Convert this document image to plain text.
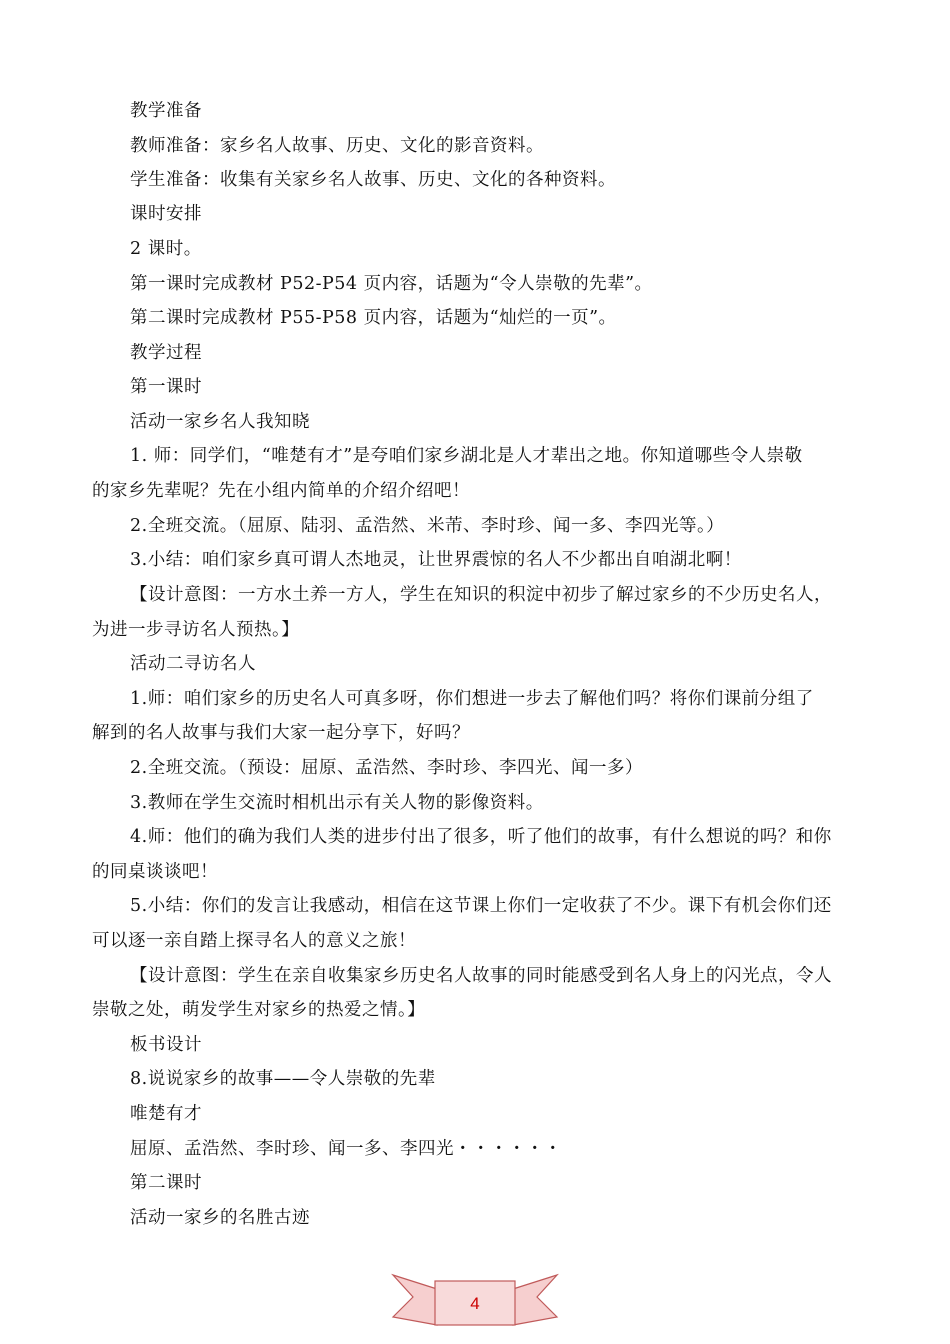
教学准备
教师准备：家乡名人故事、历史、文化的影音资料。
学生准备：收集有关家乡名人故事、历史、文化的各种资料。
课时安排
2 课时。
第一课时完成教材 P52-P54 页内容，话题为“令人崇敬的先辈”。
第二课时完成教材 P55-P58 页内容，话题为“灿烂的一页”。
教学过程
第一课时
活动一家乡名人我知晓
1. 师：同学们，“唯楚有才”是夸咱们家乡湖北是人才辈出之地。你知道哪些令人崇敬
的家乡先辈呢？先在小组内简单的介绍介绍吧！
2.全班交流。（屈原、陆羽、孟浩然、米芾、李时珍、闻一多、李四光等。）
3.小结：咱们家乡真可谓人杰地灵，让世界震惊的名人不少都出自咱湖北啊！
【设计意图：一方水土养一方人，学生在知识的积淀中初步了解过家乡的不少历史名人，
为进一步寻访名人预热。】
活动二寻访名人
1.师：咱们家乡的历史名人可真多呀，你们想进一步去了解他们吗？将你们课前分组了
解到的名人故事与我们大家一起分享下，好吗？
2.全班交流。（预设：屈原、孟浩然、李时珍、李四光、闻一多）
3.教师在学生交流时相机出示有关人物的影像资料。
4.师：他们的确为我们人类的进步付出了很多，听了他们的故事，有什么想说的吗？和你
的同桌谈谈吧！
5.小结：你们的发言让我感动，相信在这节课上你们一定收获了不少。课下有机会你们还
可以逐一亲自踏上探寻名人的意义之旅！
【设计意图：学生在亲自收集家乡历史名人故事的同时能感受到名人身上的闪光点，令人
崇敬之处，萌发学生对家乡的热爱之情。】
板书设计
8.说说家乡的故事——令人崇敬的先辈
唯楚有才
屈原、孟浩然、李时珍、闻一多、李四光・・・・・・
第二课时
活动一家乡的名胜古迹
4
